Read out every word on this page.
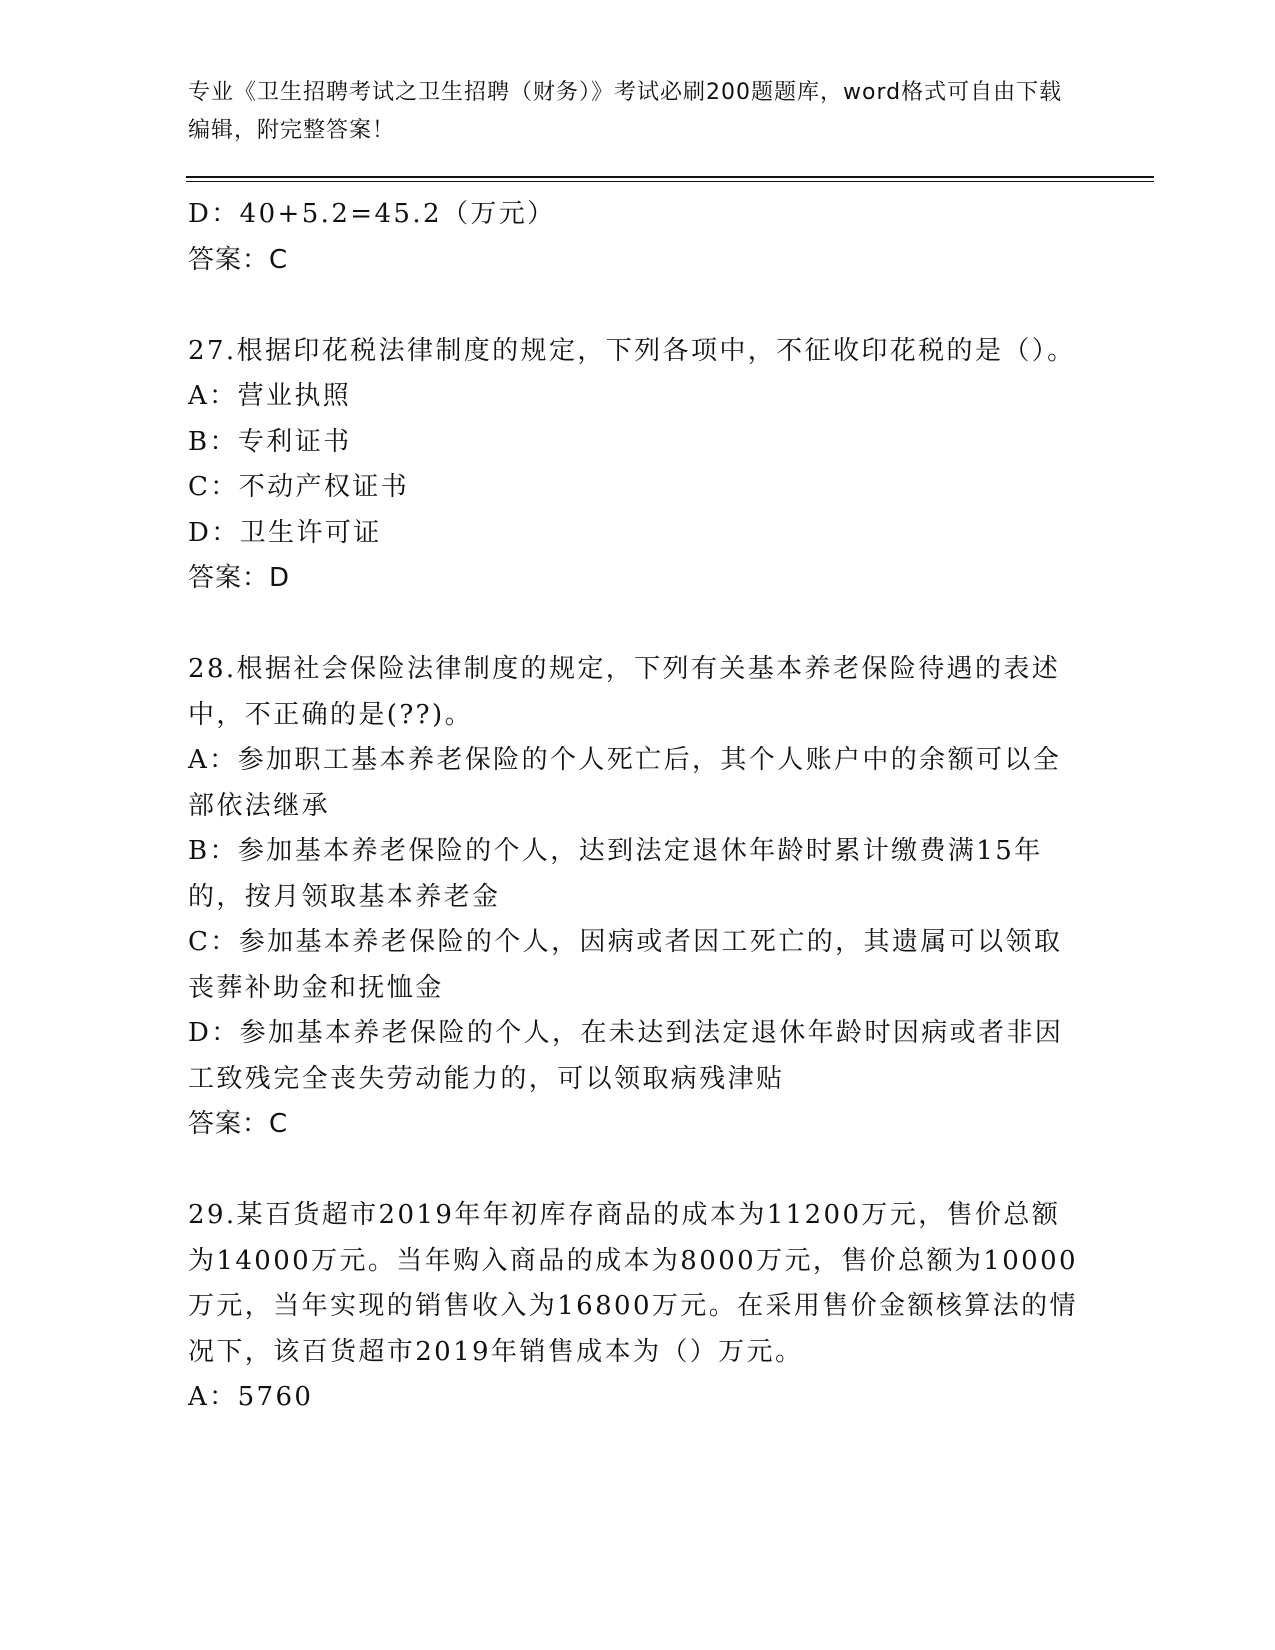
专业《卫生招聘考试之卫生招聘（财务）》考试必刷200题题库，word格式可自由下载编辑，附完整答案！
D：40+5.2=45.2（万元）
答案：C
27.根据印花税法律制度的规定，下列各项中，不征收印花税的是（）。
A：营业执照
B：专利证书
C：不动产权证书
D：卫生许可证
答案：D
28.根据社会保险法律制度的规定，下列有关基本养老保险待遇的表述中，不正确的是(??)。
A：参加职工基本养老保险的个人死亡后，其个人账户中的余额可以全部依法继承
B：参加基本养老保险的个人，达到法定退休年龄时累计缴费满15年的，按月领取基本养老金
C：参加基本养老保险的个人，因病或者因工死亡的，其遗属可以领取丧葬补助金和抚恤金
D：参加基本养老保险的个人，在未达到法定退休年龄时因病或者非因工致残完全丧失劳动能力的，可以领取病残津贴
答案：C
29.某百货超市2019年年初库存商品的成本为11200万元，售价总额为14000万元。当年购入商品的成本为8000万元，售价总额为10000万元，当年实现的销售收入为16800万元。在采用售价金额核算法的情况下，该百货超市2019年销售成本为（）万元。
A：5760
